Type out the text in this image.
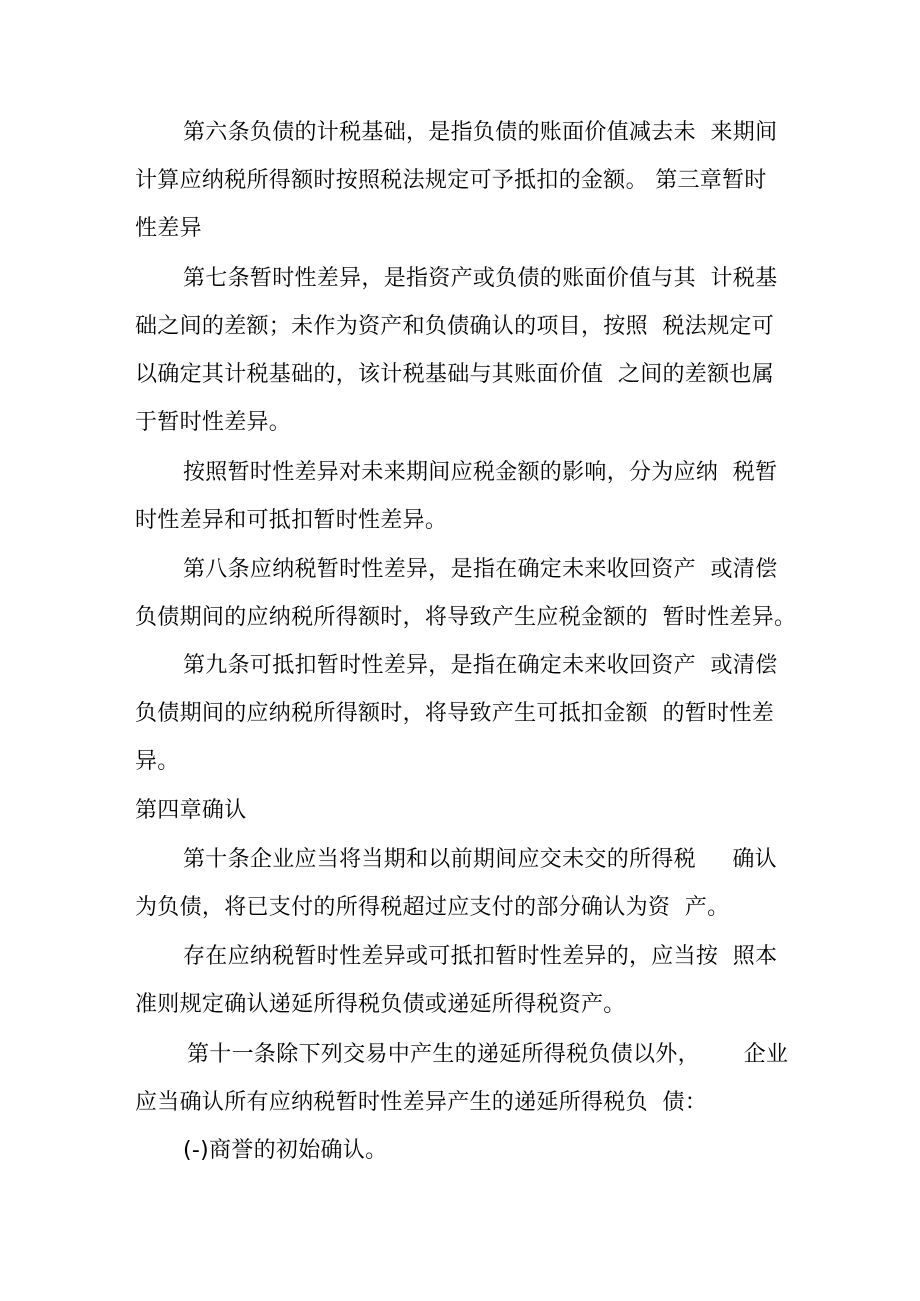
第六条负债的计税基础，是指负债的账面价值减去未  来期间
计算应纳税所得额时按照税法规定可予抵扣的金额。 第三章暂时
性差异
第七条暂时性差异，是指资产或负债的账面价值与其  计税基
础之间的差额；未作为资产和负债确认的项目，按照  税法规定可
以确定其计税基础的，该计税基础与其账面价值  之间的差额也属
于暂时性差异。
按照暂时性差异对未来期间应税金额的影响，分为应纳  税暂
时性差异和可抵扣暂时性差异。
第八条应纳税暂时性差异，是指在确定未来收回资产  或清偿
负债期间的应纳税所得额时，将导致产生应税金额的  暂时性差异。
第九条可抵扣暂时性差异，是指在确定未来收回资产  或清偿
负债期间的应纳税所得额时，将导致产生可抵扣金额  的暂时性差
异。
第四章确认
第十条企业应当将当期和以前期间应交未交的所得税     确认
为负债，将已支付的所得税超过应支付的部分确认为资  产。
存在应纳税暂时性差异或可抵扣暂时性差异的，应当按  照本
准则规定确认递延所得税负债或递延所得税资产。
第十一条除下列交易中产生的递延所得税负债以外，      企业
应当确认所有应纳税暂时性差异产生的递延所得税负  债：
(-)商誉的初始确认。
